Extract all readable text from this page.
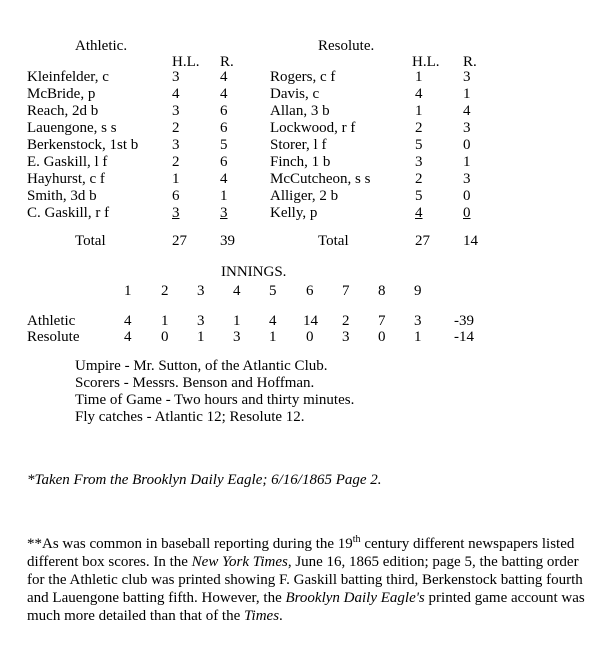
Athletic.	Resolute.
H.L. R.	H.L. R.
Kleinfelder, c	3	4
McBride, p	4	4
Reach, 2d b	3	6
Lauengone, s s	2	6
Berkenstock, 1st b 3	5
E. Gaskill, l f	2	6
Hayhurst, c f	1	4
Smith, 3d b	6	1
C. Gaskill, r f	3	3
Rogers, c f	1	3
Davis, c	4	1
Allan, 3 b	1	4
Lockwood, r f	2	3
Storer, l f	5	0
Finch, 1 b	3	1
McCutcheon, s s	2	3
Alliger, 2 b	5	0
Kelly, p	4	0
Total	27 39	Total	27 14
INNINGS.
1 2 3 4 5 6 7 8 9
Athletic	4 1 3 1 4 14 2 7 3 -39
Resolute	4 0 1 3 1 0 3 0 1 -14
Umpire - Mr. Sutton, of the Atlantic Club.
Scorers - Messrs. Benson and Hoffman.
Time of Game - Two hours and thirty minutes.
Fly catches - Atlantic 12; Resolute 12.
*Taken From the Brooklyn Daily Eagle; 6/16/1865 Page 2.
**As was common in baseball reporting during the 19th century different newspapers listed different box scores. In the New York Times, June 16, 1865 edition; page 5, the batting order for the Athletic club was printed showing F. Gaskill batting third, Berkenstock batting fourth and Lauengone batting fifth. However, the Brooklyn Daily Eagle's printed game account was much more detailed than that of the Times.
